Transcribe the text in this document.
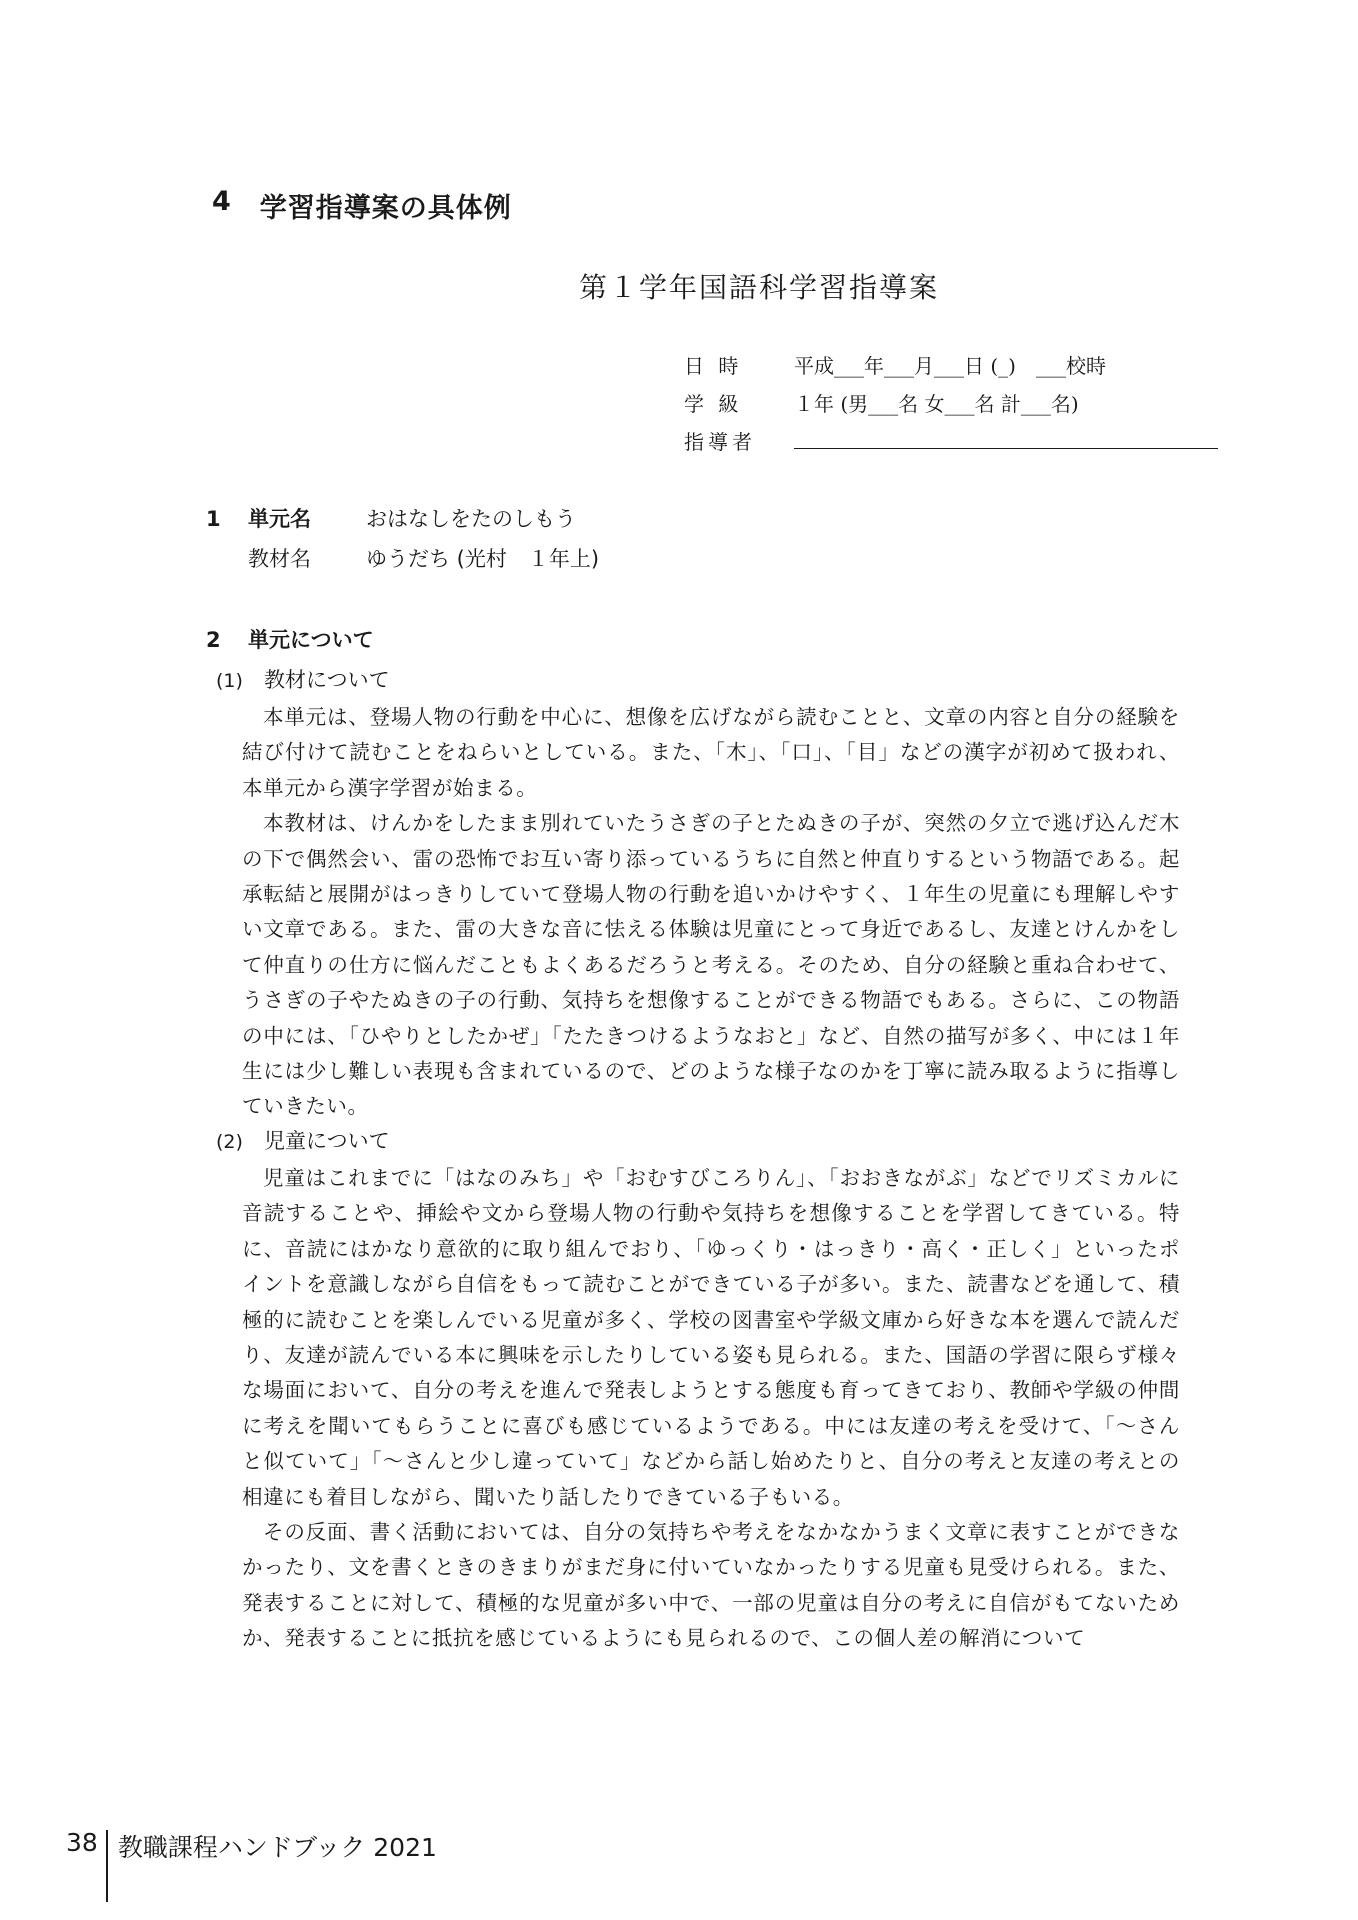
4 学習指導案の具体例
第１学年国語科学習指導案
日 時	平成___年___月___日 (_)　___校時
学 級	１年 (男___名 女___名 計___名)
指導者
1	単元名	おはなしをたのしもう
教材名	ゆうだち (光村　１年上)
2	単元について
(1)	教材について

本単元は、登場人物の行動を中心に、想像を広げながら読むことと、文章の内容と自分の経験を結び付けて読むことをねらいとしている。また、「木」、「口」、「目」などの漢字が初めて扱われ、本単元から漢字学習が始まる。

本教材は、けんかをしたまま別れていたうさぎの子とたぬきの子が、突然の夕立で逃げ込んだ木の下で偶然会い、雷の恐怖でお互い寄り添っているうちに自然と仲直りするという物語である。起承転結と展開がはっきりしていて登場人物の行動を追いかけやすく、１年生の児童にも理解しやすい文章である。また、雷の大きな音に怯える体験は児童にとって身近であるし、友達とけんかをして仲直りの仕方に悩んだこともよくあるだろうと考える。そのため、自分の経験と重ね合わせて、うさぎの子やたぬきの子の行動、気持ちを想像することができる物語でもある。さらに、この物語の中には、「ひやりとしたかぜ」「たたきつけるようなおと」など、自然の描写が多く、中には１年生には少し難しい表現も含まれているので、どのような様子なのかを丁寧に読み取るように指導していきたい。

(2)	児童について

児童はこれまでに「はなのみち」や「おむすびころりん」、「おおきながぶ」などでリズミカルに音読することや、挿絵や文から登場人物の行動や気持ちを想像することを学習してきている。特に、音読にはかなり意欲的に取り組んでおり、「ゆっくり・はっきり・高く・正しく」といったポイントを意識しながら自信をもって読むことができている子が多い。また、読書などを通して、積極的に読むことを楽しんでいる児童が多く、学校の図書室や学級文庫から好きな本を選んで読んだり、友達が読んでいる本に興味を示したりしている姿も見られる。また、国語の学習に限らず様々な場面において、自分の考えを進んで発表しようとする態度も育ってきており、教師や学級の仲間に考えを聞いてもらうことに喜びも感じているようである。中には友達の考えを受けて、「〜さんと似ていて」「〜さんと少し違っていて」などから話し始めたりと、自分の考えと友達の考えとの相違にも着目しながら、聞いたり話したりできている子もいる。

その反面、書く活動においては、自分の気持ちや考えをなかなかうまく文章に表すことができなかったり、文を書くときのきまりがまだ身に付いていなかったりする児童も見受けられる。また、発表することに対して、積極的な児童が多い中で、一部の児童は自分の考えに自信がもてないためか、発表することに抵抗を感じているようにも見られるので、この個人差の解消について

38 教職課程ハンドブック 2021
